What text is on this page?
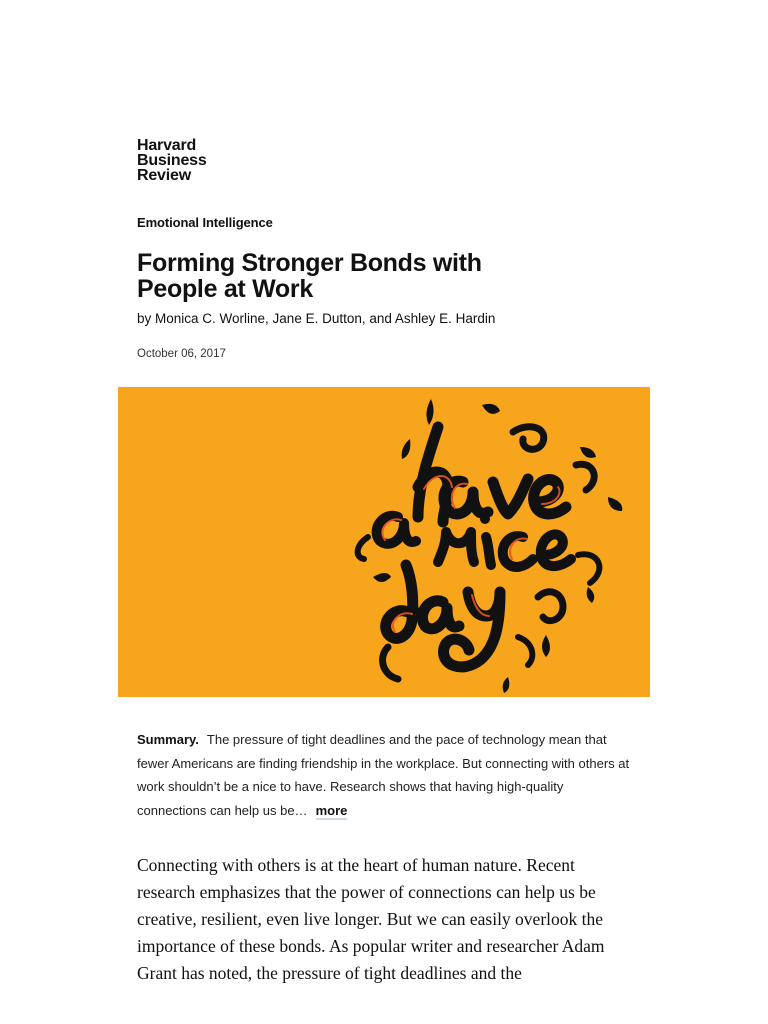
Harvard
Business
Review
Emotional Intelligence
Forming Stronger Bonds with People at Work
by Monica C. Worline, Jane E. Dutton, and Ashley E. Hardin
October 06, 2017

Summary. The pressure of tight deadlines and the pace of technology mean that fewer Americans are finding friendship in the workplace. But connecting with others at work shouldn’t be a nice to have. Research shows that having high-quality connections can help us be… more

Connecting with others is at the heart of human nature. Recent research emphasizes that the power of connections can help us be creative, resilient, even live longer. But we can easily overlook the importance of these bonds. As popular writer and researcher Adam Grant has noted, the pressure of tight deadlines and the
